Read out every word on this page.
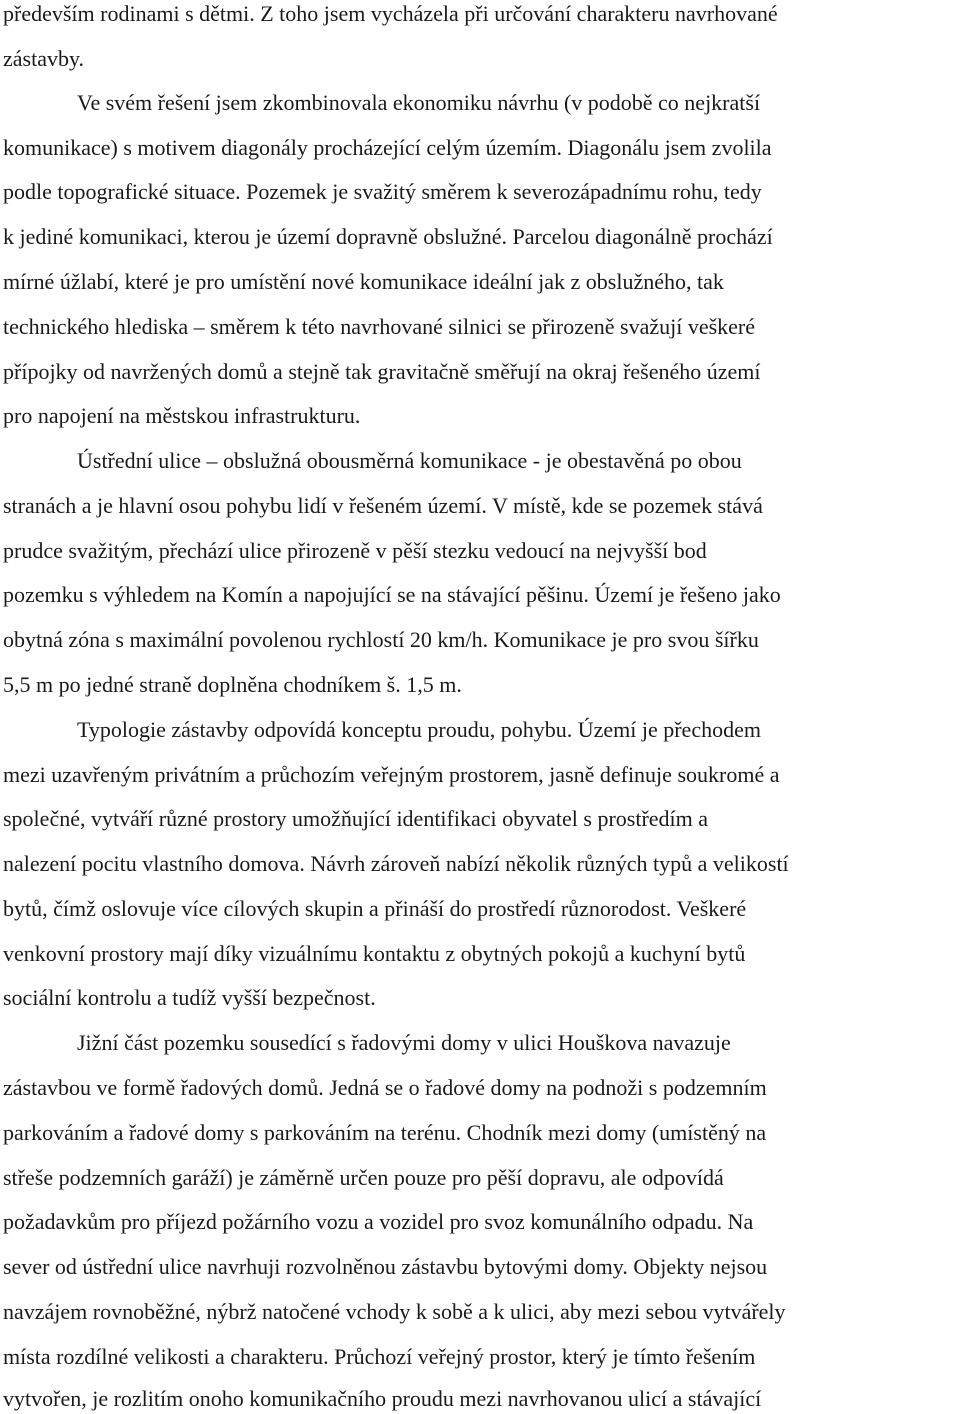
především rodinami s dětmi. Z toho jsem vycházela při určování charakteru navrhované
zástavby.
Ve svém řešení jsem zkombinovala ekonomiku návrhu (v podobě co nejkratší
komunikace) s motivem diagonály procházející celým územím. Diagonálu jsem zvolila
podle topografické situace. Pozemek je svažitý směrem k severozápadnímu rohu, tedy
k jediné komunikaci, kterou je území dopravně obslužné. Parcelou diagonálně prochází
mírné úžlabí, které je pro umístění nové komunikace ideální jak z obslužného, tak
technického hlediska – směrem k této navrhované silnici se přirozeně svažují veškeré
přípojky od navržených domů a stejně tak gravitačně směřují na okraj řešeného území
pro napojení na městskou infrastrukturu.
Ústřední ulice – obslužná obousměrná komunikace - je obestavěná po obou
stranách a je hlavní osou pohybu lidí v řešeném území. V místě, kde se pozemek stává
prudce svažitým, přechází ulice přirozeně v pěší stezku vedoucí na nejvyšší bod
pozemku s výhledem na Komín a napojující se na stávající pěšinu. Území je řešeno jako
obytná zóna s maximální povolenou rychlostí 20 km/h. Komunikace je pro svou šířku
5,5 m po jedné straně doplněna chodníkem š. 1,5 m.
Typologie zástavby odpovídá konceptu proudu, pohybu. Území je přechodem
mezi uzavřeným privátním a průchozím veřejným prostorem, jasně definuje soukromé a
společné, vytváří různé prostory umožňující identifikaci obyvatel s prostředím a
nalezení pocitu vlastního domova. Návrh zároveň nabízí několik různých typů a velikostí
bytů, čímž oslovuje více cílových skupin a přináší do prostředí různorodost. Veškeré
venkovní prostory mají díky vizuálnímu kontaktu z obytných pokojů a kuchyní bytů
sociální kontrolu a tudíž vyšší bezpečnost.
Jižní část pozemku sousedící s řadovými domy v ulici Houškova navazuje
zástavbou ve formě řadových domů. Jedná se o řadové domy na podnoži s podzemním
parkováním a řadové domy s parkováním na terénu. Chodník mezi domy (umístěný na
střeše podzemních garáží) je záměrně určen pouze pro pěší dopravu, ale odpovídá
požadavkům pro příjezd požárního vozu a vozidel pro svoz komunálního odpadu. Na
sever od ústřední ulice navrhuji rozvolněnou zástavbu bytovými domy. Objekty nejsou
navzájem rovnoběžné, nýbrž natočené vchody k sobě a k ulici, aby mezi sebou vytvářely
místa rozdílné velikosti a charakteru. Průchozí veřejný prostor, který je tímto řešením
vytvořen, je rozlitím onoho komunikačního proudu mezi navrhovanou ulicí a stávající
